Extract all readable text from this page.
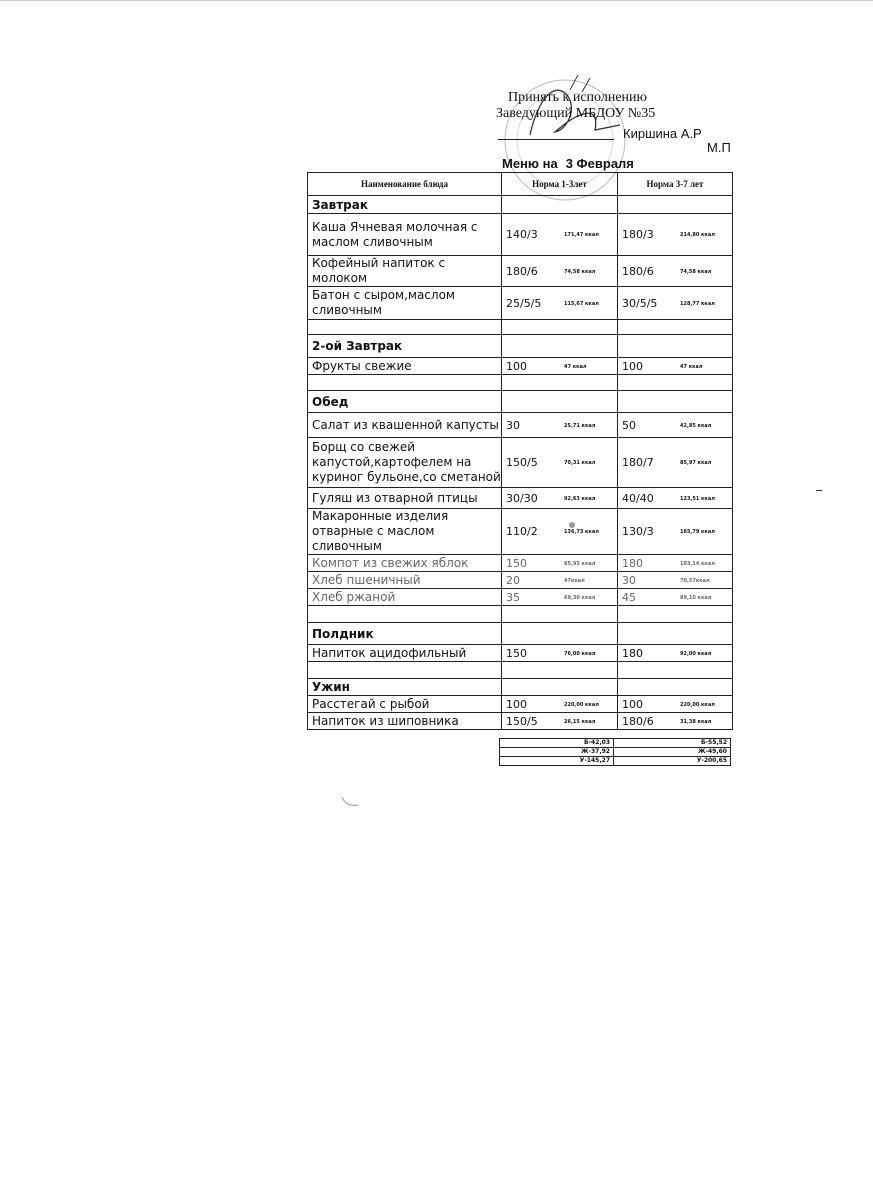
Принять к исполнению
Заведующий МБДОУ №35
Киршина А.Р
М.П
Меню на 3 Февраля
Наименование блюда	Норма 1-3лет	Норма 3-7 лет
Завтрак		
Каша Ячневая молочная с маслом сливочным	140/3 171,47 ккал	180/3 214,80 ккал
Кофейный напиток с молоком	180/6 74,58 ккал	180/6 74,58 ккал
Батон с сыром,маслом сливочным	25/5/5 115,67 ккал	30/5/5 128,77 ккал

2-ой Завтрак		
Фрукты свежие	100 47 ккал	100 47 ккал

Обед		
Салат из квашенной капусты	30 25,71 ккал	50 42,85 ккал
Борщ со свежей капустой,картофелем на куриног бульоне,со сметаной	150/5 70,31 ккал	180/7 85,97 ккал
Гуляш из отварной птицы	30/30 92,63 ккал	40/40 123,51 ккал
Макаронные изделия отварные с маслом сливочным	110/2 136,73 ккал	130/3 165,79 ккал
Компот из свежих яблок	150 85,95 ккал	180 103,14 ккал
Хлеб пшеничный	20 47ккал	30 70,57ккал
Хлеб ржаной	35 69,30 ккал	45 89,10 ккал

Полдник		
Напиток ацидофильный	150 76,00 ккал	180 92,00 ккал

Ужин		
Расстегай с рыбой	100 220,00 ккал	100 220,00 ккал
Напиток из шиповника	150/5 26,15 ккал	180/6 31,38 ккал
Б-42,03	Б-55,52
Ж-37,92	Ж-49,60
У-145,27	У-200,65
